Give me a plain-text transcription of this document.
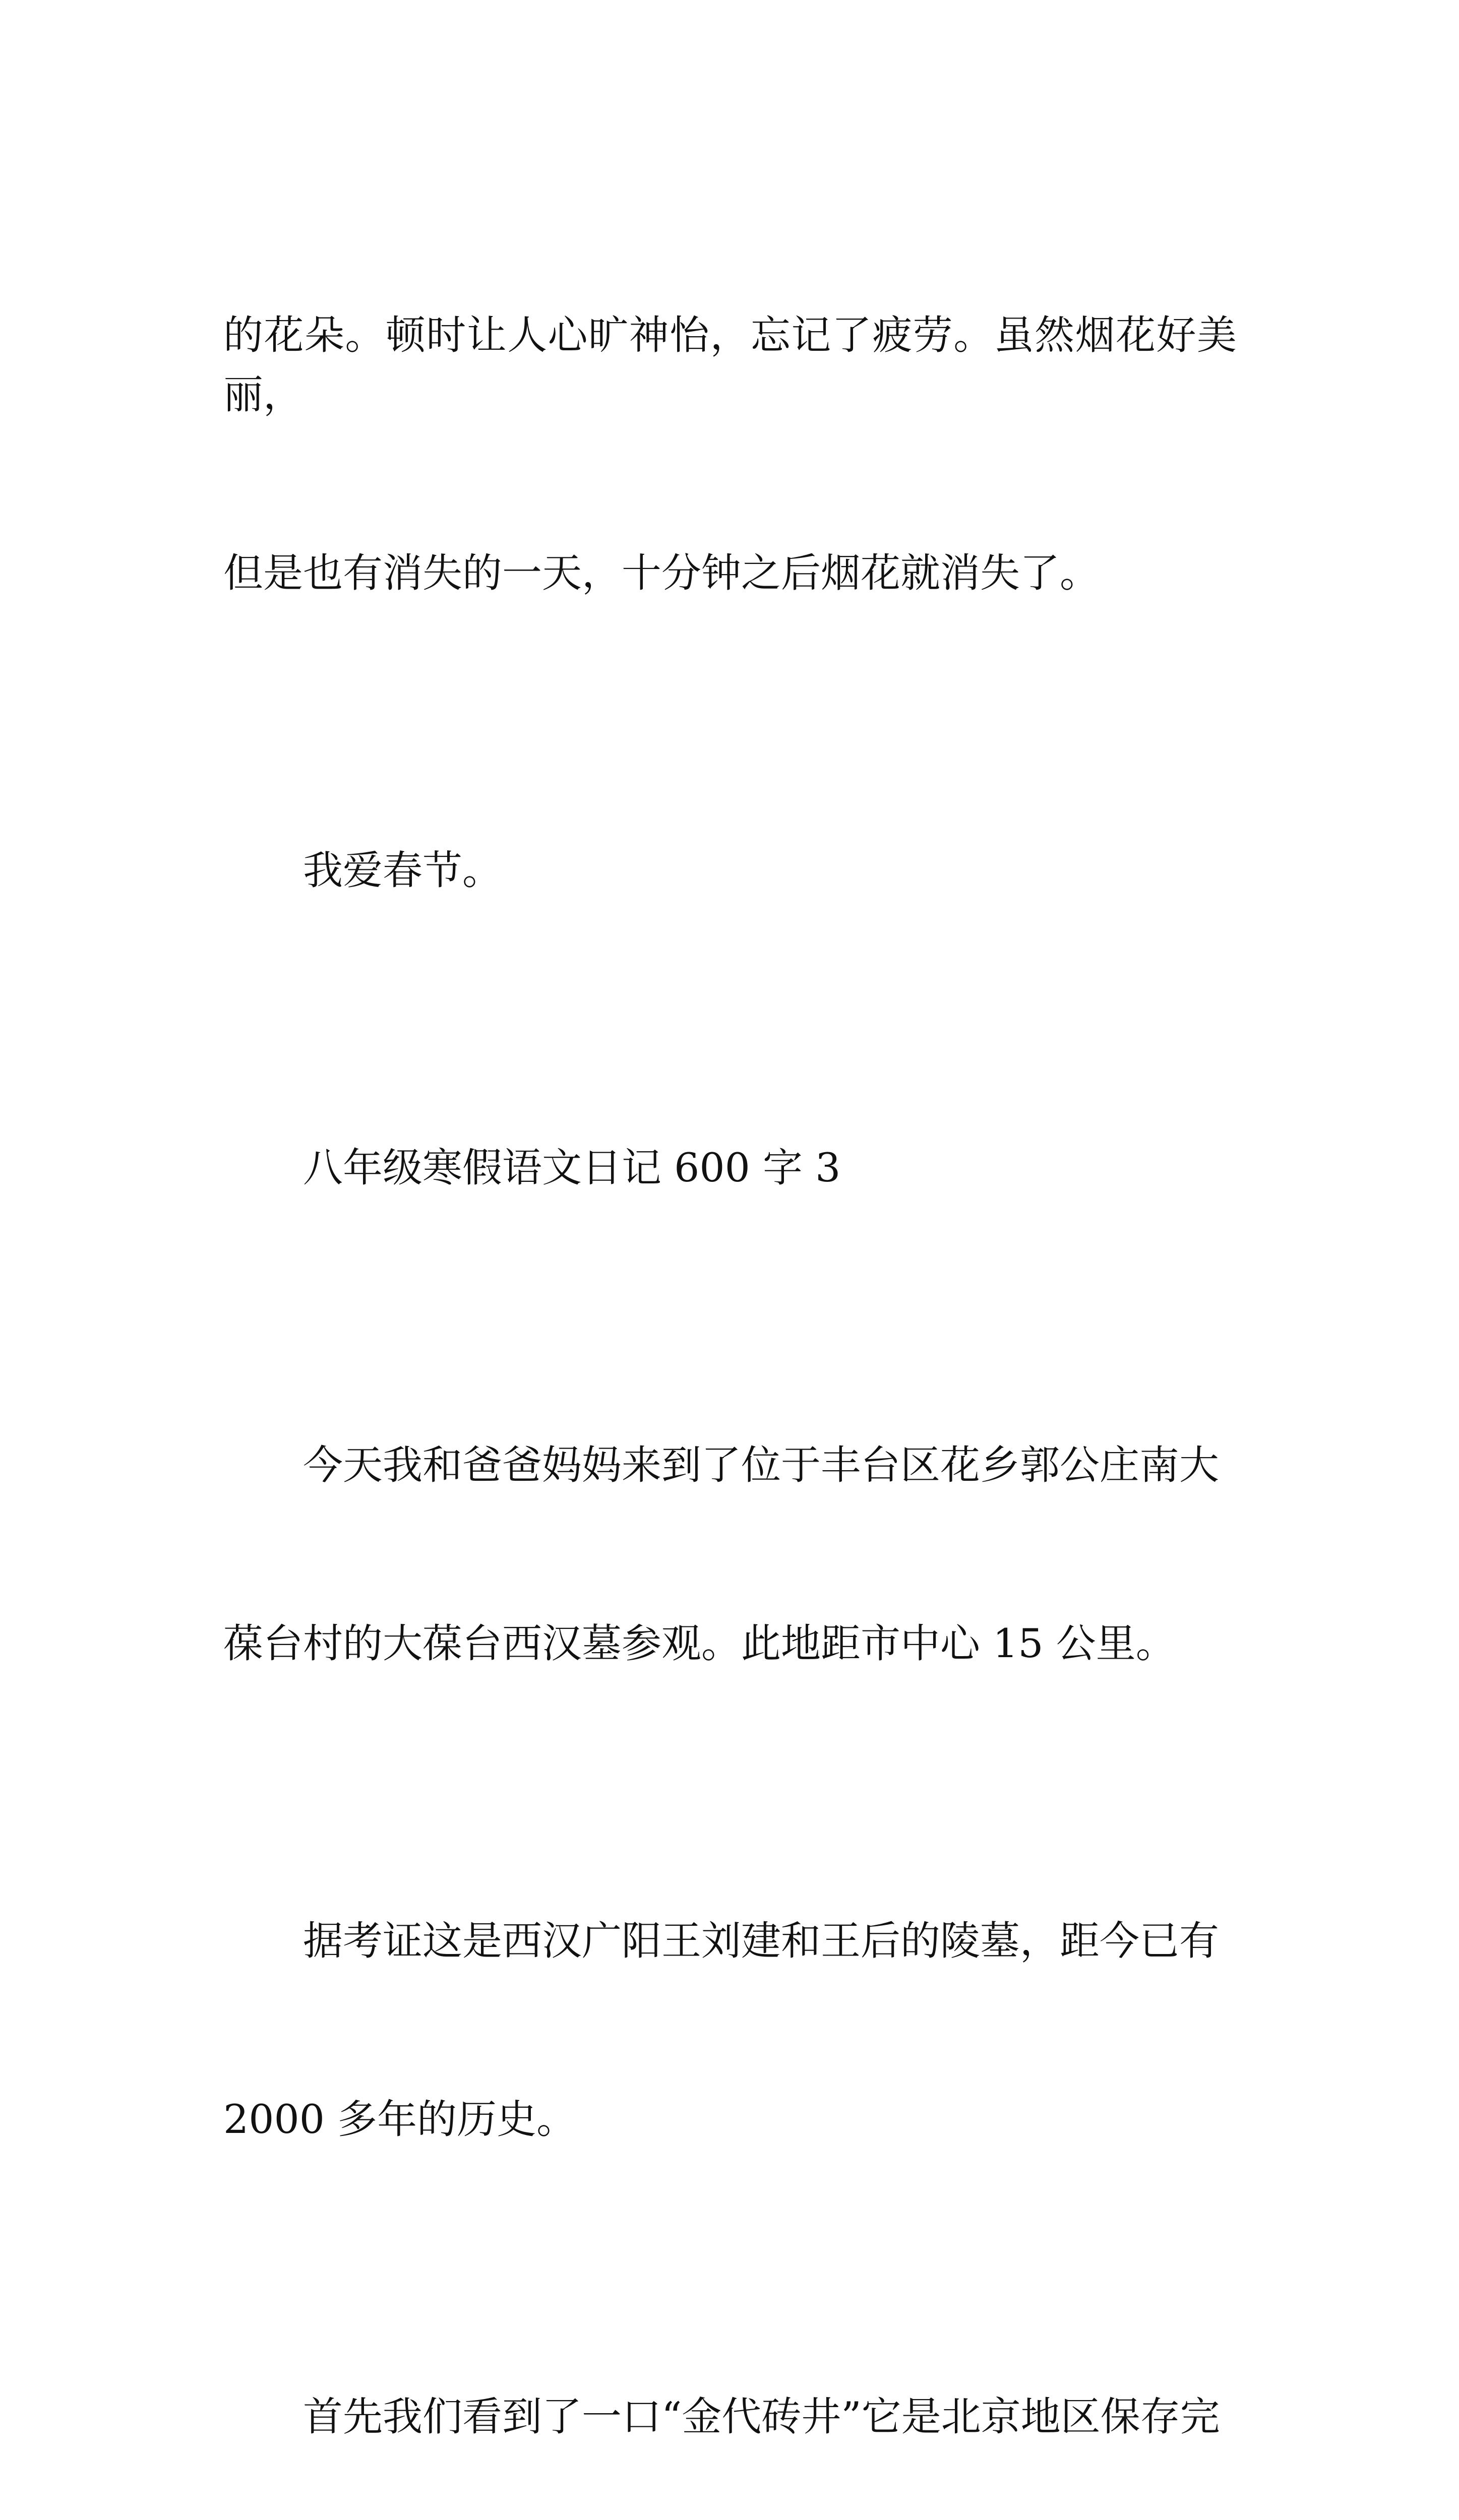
的花朵。顿时让人心旷神怡，忘记了疲劳。虽然烟花好美丽，

但是也有消失的一天，十分钟之后烟花就消失了。

我爱春节。

八年级寒假语文日记 600 字 3

今天我和爸爸妈妈来到了位于丰台区花乡郭公庄南大

葆台村的大葆台西汉墓参观。此地距市中心 15 公里。

据考证这是西汉广阳王刘建和王后的陵墓，距今已有

2000 多年的历史。

首先我们看到了一口“金代砖井”它是北京地区保存完
